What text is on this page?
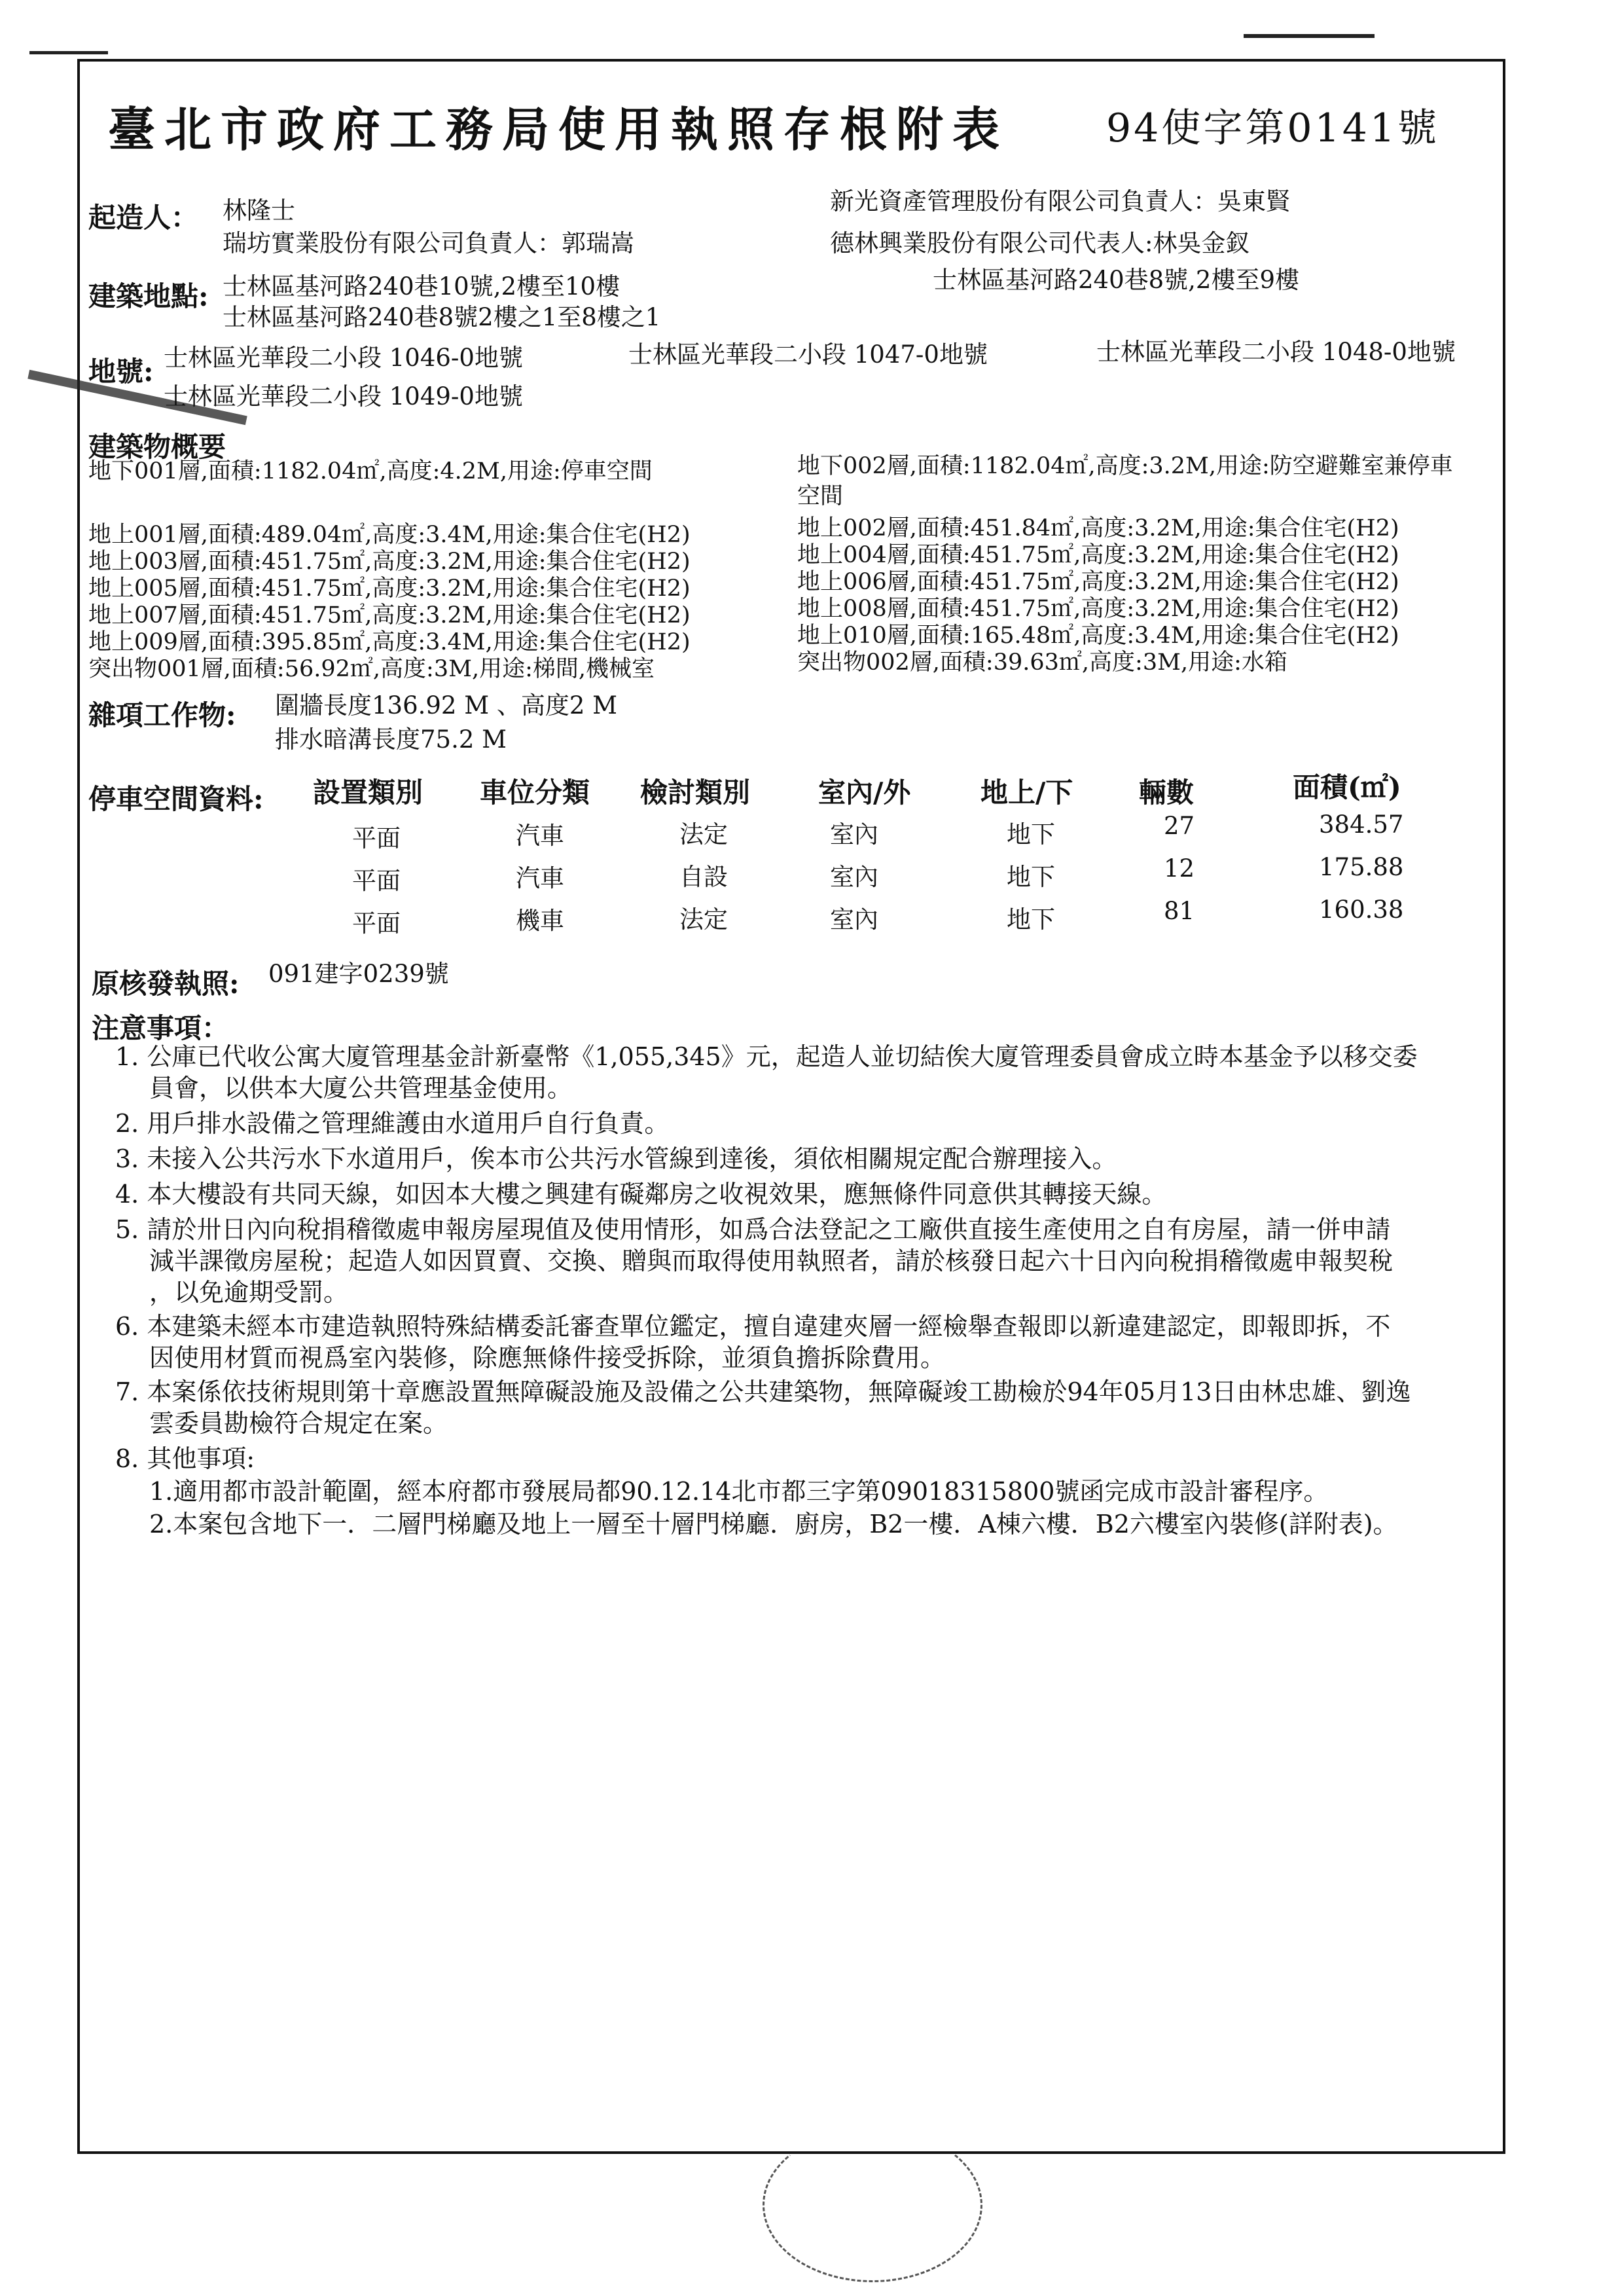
臺北市政府工務局使用執照存根附表 94使字第0141號
起造人： 林隆士
瑞坊實業股份有限公司負責人：郭瑞嵩
新光資產管理股份有限公司負責人：吳東賢
德林興業股份有限公司代表人:林吳金釵
建築地點: 士林區基河路240巷10號,2樓至10樓	士林區基河路240巷8號,2樓至9樓
士林區基河路240巷8號2樓之1至8樓之1
地號: 士林區光華段二小段 1046-0地號	士林區光華段二小段 1047-0地號	士林區光華段二小段 1048-0地號
士林區光華段二小段 1049-0地號
建築物概要
地下001層,面積:1182.04㎡,高度:4.2M,用途:停車空間
地上001層,面積:489.04㎡,高度:3.4M,用途:集合住宅(H2)
地上003層,面積:451.75㎡,高度:3.2M,用途:集合住宅(H2)
地上005層,面積:451.75㎡,高度:3.2M,用途:集合住宅(H2)
地上007層,面積:451.75㎡,高度:3.2M,用途:集合住宅(H2)
地上009層,面積:395.85㎡,高度:3.4M,用途:集合住宅(H2)
突出物001層,面積:56.92㎡,高度:3M,用途:梯間,機械室
地下002層,面積:1182.04㎡,高度:3.2M,用途:防空避難室兼停車
空間
地上002層,面積:451.84㎡,高度:3.2M,用途:集合住宅(H2)
地上004層,面積:451.75㎡,高度:3.2M,用途:集合住宅(H2)
地上006層,面積:451.75㎡,高度:3.2M,用途:集合住宅(H2)
地上008層,面積:451.75㎡,高度:3.2M,用途:集合住宅(H2)
地上010層,面積:165.48㎡,高度:3.4M,用途:集合住宅(H2)
突出物002層,面積:39.63㎡,高度:3M,用途:水箱
雜項工作物: 圍牆長度136.92 M 、高度2 M
排水暗溝長度75.2 M
停車空間資料: 設置類別 車位分類 檢討類別 室內/外	地上/下 輛數	面積(㎡)
平面	汽車	法定	室內	地下	27	384.57
平面	汽車	自設	室內	地下	12	175.88
平面	機車	法定	室內	地下	81	160.38
原核發執照: 091建字0239號
注意事項：
1. 公庫已代收公寓大廈管理基金計新臺幣《1,055,345》元，起造人並切結俟大廈管理委員會成立時本基金予以移交委
員會，以供本大廈公共管理基金使用。
2. 用戶排水設備之管理維護由水道用戶自行負責。
3. 未接入公共污水下水道用戶，俟本市公共污水管線到達後，須依相關規定配合辦理接入。
4. 本大樓設有共同天線，如因本大樓之興建有礙鄰房之收視效果，應無條件同意供其轉接天線。
5. 請於卅日內向稅捐稽徵處申報房屋現值及使用情形，如爲合法登記之工廠供直接生產使用之自有房屋，請一併申請
減半課徵房屋稅；起造人如因買賣、交換、贈與而取得使用執照者，請於核發日起六十日內向稅捐稽徵處申報契稅
，以免逾期受罰。
6. 本建築未經本市建造執照特殊結構委託審查單位鑑定，擅自違建夾層一經檢舉查報即以新違建認定，即報即拆，不
因使用材質而視爲室內裝修，除應無條件接受拆除，並須負擔拆除費用。
7. 本案係依技術規則第十章應設置無障礙設施及設備之公共建築物，無障礙竣工勘檢於94年05月13日由林忠雄、劉逸
雲委員勘檢符合規定在案。
8. 其他事項:
1.適用都市設計範圍，經本府都市發展局都90.12.14北市都三字第09018315800號函完成市設計審程序。
2.本案包含地下一．二層門梯廳及地上一層至十層門梯廳．廚房，B2一樓．A棟六樓．B2六樓室內裝修(詳附表)。
